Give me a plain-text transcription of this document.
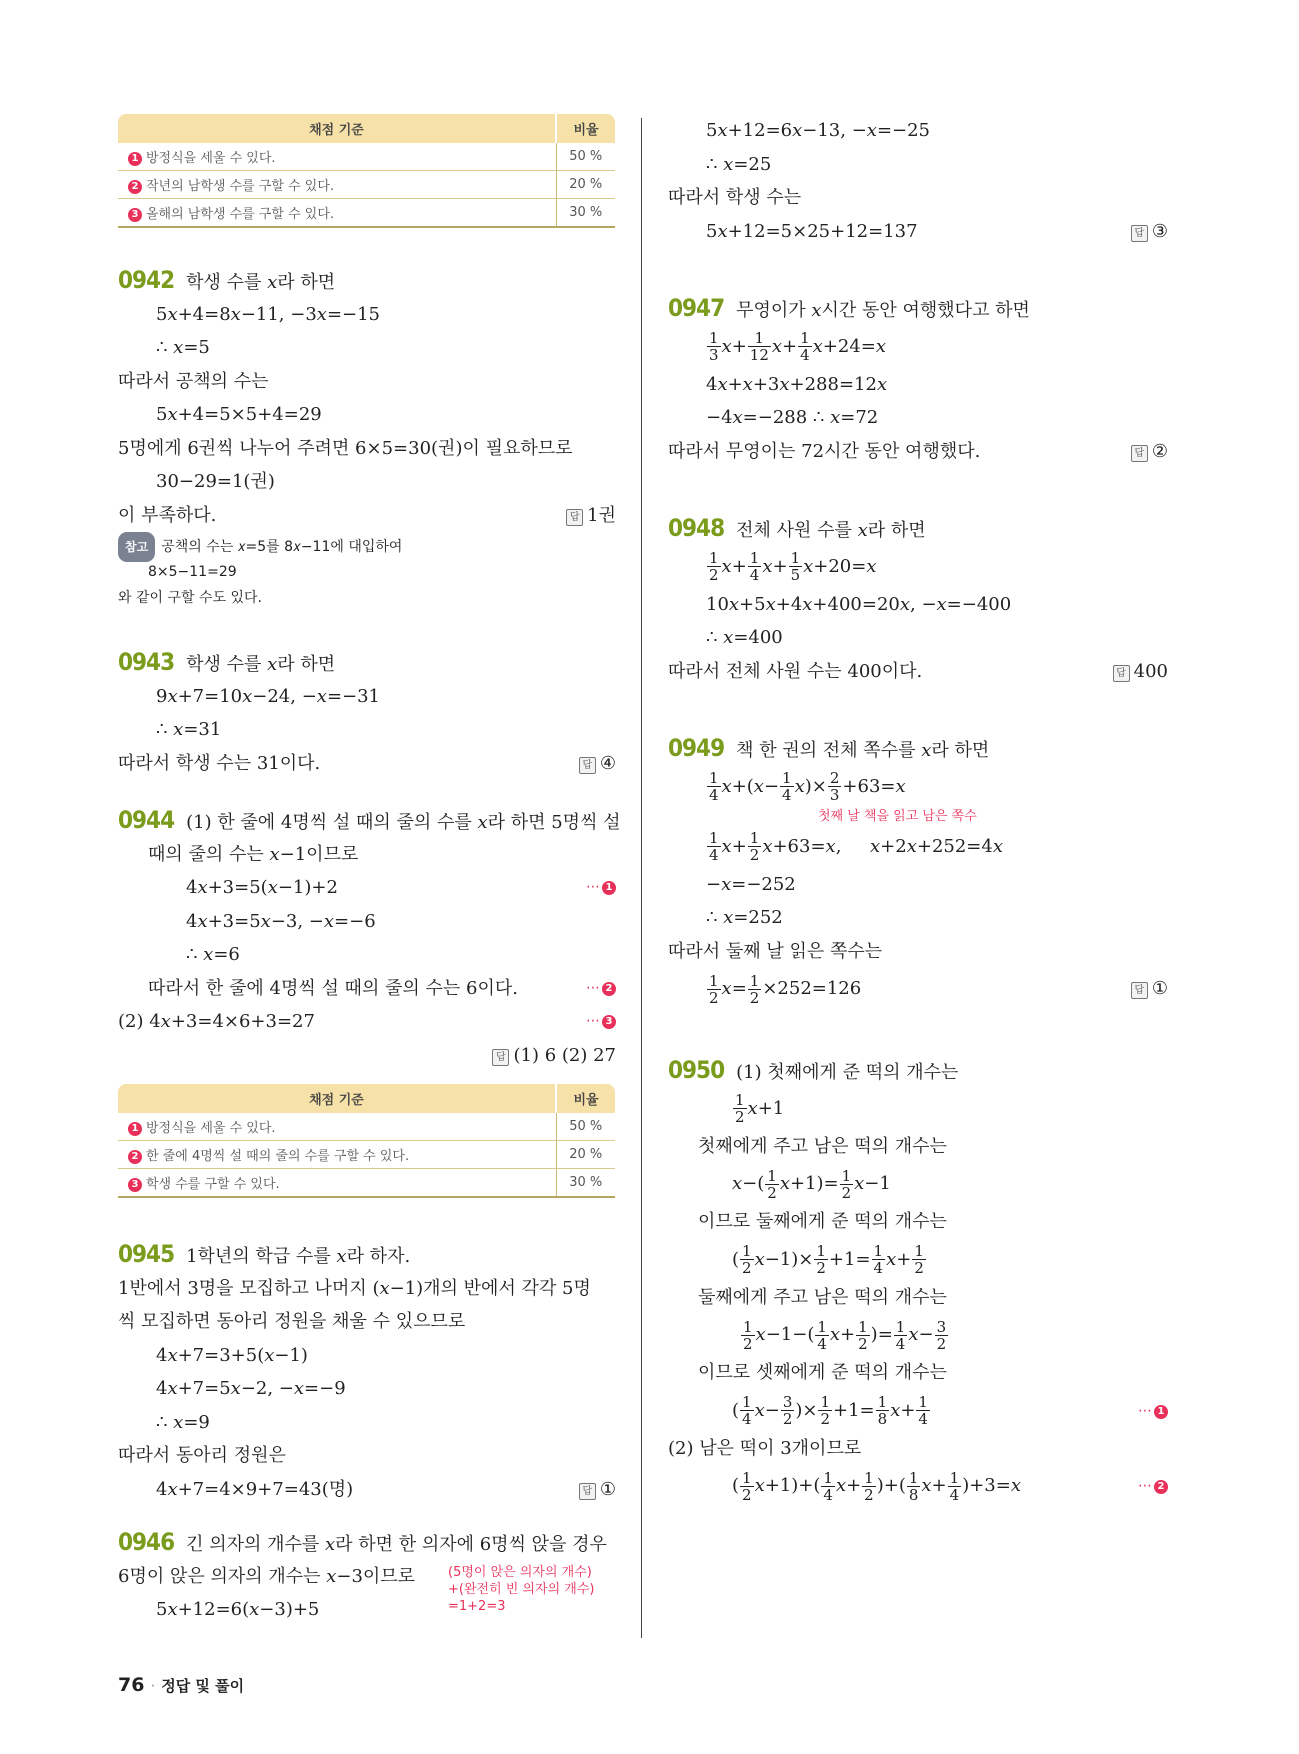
채점 기준	비율
1 방정식을 세울 수 있다.	50 %
2 작년의 남학생 수를 구할 수 있다.	20 %
3 올해의 남학생 수를 구할 수 있다.	30 %
0942 학생 수를 𝑥라 하면
5𝑥+4=8𝑥−11, −3𝑥=−15
∴ 𝑥=5
따라서 공책의 수는
5𝑥+4=5×5+4=29
5명에게 6권씩 나누어 주려면 6×5=30(권)이 필요하므로
30−29=1(권)
이 부족하다.	답 1권
참고 공책의 수는 𝑥=5를 8𝑥−11에 대입하여
8×5−11=29
와 같이 구할 수도 있다.
0943 학생 수를 𝑥라 하면
9𝑥+7=10𝑥−24, −𝑥=−31
∴ 𝑥=31
따라서 학생 수는 31이다.	답 ④
0944 (1) 한 줄에 4명씩 설 때의 줄의 수를 𝑥라 하면 5명씩 설
때의 줄의 수는 𝑥−1이므로
4𝑥+3=5(𝑥−1)+2	⋯ 1
4𝑥+3=5𝑥−3, −𝑥=−6
∴ 𝑥=6
따라서 한 줄에 4명씩 설 때의 줄의 수는 6이다.	⋯ 2
(2) 4𝑥+3=4×6+3=27	⋯ 3
답 (1) 6 (2) 27
채점 기준	비율
1 방정식을 세울 수 있다.	50 %
2 한 줄에 4명씩 설 때의 줄의 수를 구할 수 있다.	20 %
3 학생 수를 구할 수 있다.	30 %
0945 1학년의 학급 수를 𝑥라 하자.
1반에서 3명을 모집하고 나머지 (𝑥−1)개의 반에서 각각 5명
씩 모집하면 동아리 정원을 채울 수 있으므로
4𝑥+7=3+5(𝑥−1)
4𝑥+7=5𝑥−2, −𝑥=−9
∴ 𝑥=9
따라서 동아리 정원은
4𝑥+7=4×9+7=43(명)	답 ①
0946 긴 의자의 개수를 𝑥라 하면 한 의자에 6명씩 앉을 경우
6명이 앉은 의자의 개수는 𝑥−3이므로	(5명이 앉은 의자의 개수)
+(완전히 빈 의자의 개수)
=1+2=3
5𝑥+12=6(𝑥−3)+5
5𝑥+12=6𝑥−13, −𝑥=−25
∴ 𝑥=25
따라서 학생 수는
5𝑥+12=5×25+12=137	답 ③
0947 무영이가 𝑥시간 동안 여행했다고 하면
$\frac{1}{3}$ 𝑥+ $\frac{1}{12}$ 𝑥+ $\frac{1}{4}$ 𝑥+24=𝑥
4𝑥+𝑥+3𝑥+288=12𝑥
−4𝑥=−288 ∴ 𝑥=72
따라서 무영이는 72시간 동안 여행했다.	답 ②
0948 전체 사원 수를 𝑥라 하면
$\frac{1}{2}$ 𝑥+ $\frac{1}{4}$ 𝑥+ $\frac{1}{5}$ 𝑥+20=𝑥
10𝑥+5𝑥+4𝑥+400=20𝑥, −𝑥=−400
∴ 𝑥=400
따라서 전체 사원 수는 400이다.	답 400
0949 책 한 권의 전체 쪽수를 𝑥라 하면
$\frac{1}{4}$ 𝑥+(𝑥− $\frac{1}{4}$ 𝑥)× $\frac{2}{3}$ +63=𝑥
첫째 날 책을 읽고 남은 쪽수
$\frac{1}{4}$ 𝑥+ $\frac{1}{2}$ 𝑥+63=𝑥,     𝑥+2𝑥+252=4𝑥
−𝑥=−252
∴ 𝑥=252
따라서 둘째 날 읽은 쪽수는
$\frac{1}{2}$ 𝑥= $\frac{1}{2} \times 252=126$	답 ①
0950 (1) 첫째에게 준 떡의 개수는
$\frac{1}{2}$ 𝑥+1
첫째에게 주고 남은 떡의 개수는
𝑥−( $\frac{1}{2}$ 𝑥+1)= $\frac{1}{2}$ 𝑥−1
이므로 둘째에게 준 떡의 개수는
( $\frac{1}{2}$ 𝑥−1)× $\frac{1}{2} +1= \frac{1}{4}$ 𝑥+ $\frac{1}{2}$
둘째에게 주고 남은 떡의 개수는
$\frac{1}{2}$ 𝑥−1−( $\frac{1}{4}$ 𝑥+ $\frac{1}{2}$ )= $\frac{1}{4}$ 𝑥− $\frac{3}{2}$
이므로 셋째에게 준 떡의 개수는
( $\frac{1}{4}$ 𝑥− $\frac{3}{2}$ )× $\frac{1}{2} +1= \frac{1}{8}$ 𝑥+ $\frac{1}{4}$	⋯ 1
(2) 남은 떡이 3개이므로
( $\frac{1}{2}$ 𝑥+1)+( $\frac{1}{4}$ 𝑥+ $\frac{1}{2}$ )+( $\frac{1}{8}$ 𝑥+ $\frac{1}{4}$ )+3=𝑥	⋯ 2
76 · 정답 및 풀이
